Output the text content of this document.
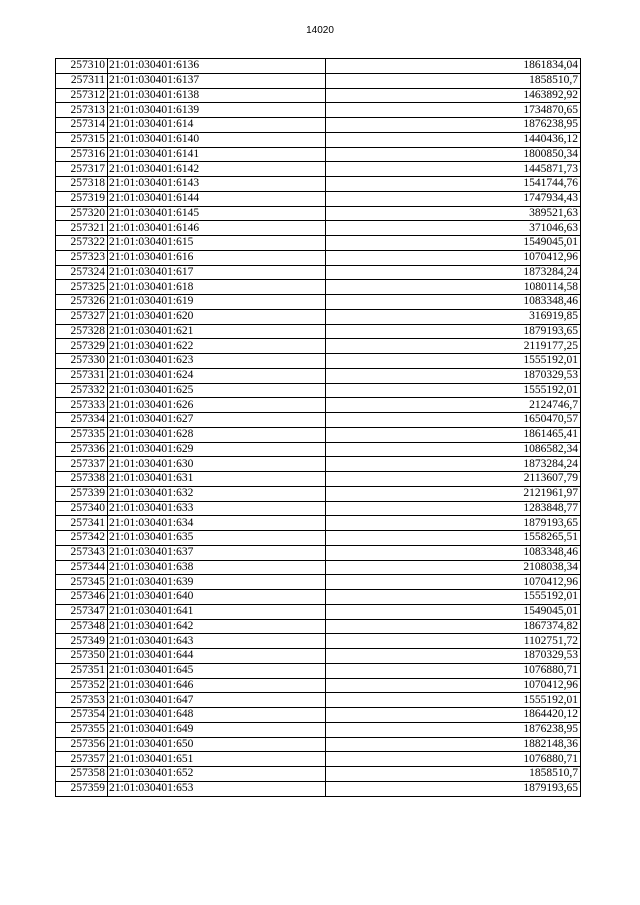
14020
257310	21:01:030401:6136	1861834,04
257311	21:01:030401:6137	1858510,7
257312	21:01:030401:6138	1463892,92
257313	21:01:030401:6139	1734870,65
257314	21:01:030401:614	1876238,95
257315	21:01:030401:6140	1440436,12
257316	21:01:030401:6141	1800850,34
257317	21:01:030401:6142	1445871,73
257318	21:01:030401:6143	1541744,76
257319	21:01:030401:6144	1747934,43
257320	21:01:030401:6145	389521,63
257321	21:01:030401:6146	371046,63
257322	21:01:030401:615	1549045,01
257323	21:01:030401:616	1070412,96
257324	21:01:030401:617	1873284,24
257325	21:01:030401:618	1080114,58
257326	21:01:030401:619	1083348,46
257327	21:01:030401:620	316919,85
257328	21:01:030401:621	1879193,65
257329	21:01:030401:622	2119177,25
257330	21:01:030401:623	1555192,01
257331	21:01:030401:624	1870329,53
257332	21:01:030401:625	1555192,01
257333	21:01:030401:626	2124746,7
257334	21:01:030401:627	1650470,57
257335	21:01:030401:628	1861465,41
257336	21:01:030401:629	1086582,34
257337	21:01:030401:630	1873284,24
257338	21:01:030401:631	2113607,79
257339	21:01:030401:632	2121961,97
257340	21:01:030401:633	1283848,77
257341	21:01:030401:634	1879193,65
257342	21:01:030401:635	1558265,51
257343	21:01:030401:637	1083348,46
257344	21:01:030401:638	2108038,34
257345	21:01:030401:639	1070412,96
257346	21:01:030401:640	1555192,01
257347	21:01:030401:641	1549045,01
257348	21:01:030401:642	1867374,82
257349	21:01:030401:643	1102751,72
257350	21:01:030401:644	1870329,53
257351	21:01:030401:645	1076880,71
257352	21:01:030401:646	1070412,96
257353	21:01:030401:647	1555192,01
257354	21:01:030401:648	1864420,12
257355	21:01:030401:649	1876238,95
257356	21:01:030401:650	1882148,36
257357	21:01:030401:651	1076880,71
257358	21:01:030401:652	1858510,7
257359	21:01:030401:653	1879193,65
